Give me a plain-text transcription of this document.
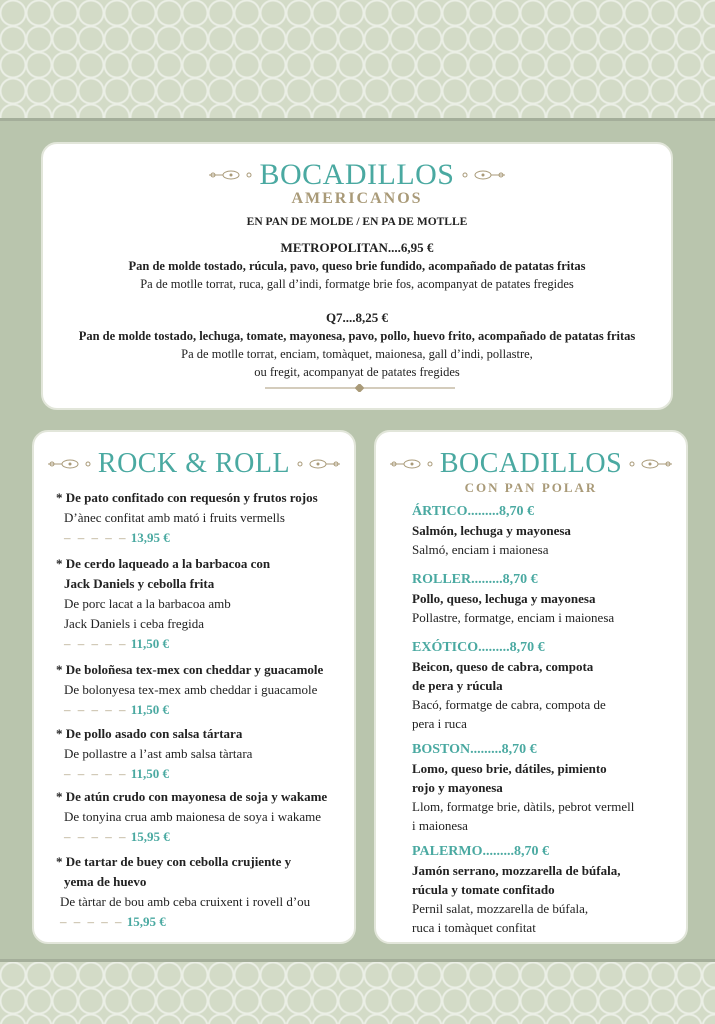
BOCADILLOS
AMERICANOS
EN PAN DE MOLDE / EN PA DE MOTLLE
METROPOLITAN....6,95 €
Pan de molde tostado, rúcula, pavo, queso brie fundido, acompañado de patatas fritas
Pa de motlle torrat, ruca, gall d’indi, formatge brie fos, acompanyat de patates fregides
Q7....8,25 €
Pan de molde tostado, lechuga, tomate, mayonesa, pavo, pollo, huevo frito, acompañado de patatas fritas
Pa de motlle torrat, enciam, tomàquet, maionesa, gall d’indi, pollastre,
ou fregit, acompanyat de patates fregides
ROCK & ROLL
* De pato confitado con requesón y frutos rojos
D’ànec confitat amb mató i fruits vermells
– – – – – 13,95 €
* De cerdo laqueado a la barbacoa con
Jack Daniels y cebolla frita
De porc lacat a la barbacoa amb
Jack Daniels i ceba fregida
– – – – – 11,50 €
* De boloñesa tex-mex con cheddar y guacamole
De bolonyesa tex-mex amb cheddar i guacamole
– – – – – 11,50 €
* De pollo asado con salsa tártara
De pollastre a l’ast amb salsa tàrtara
– – – – – 11,50 €
* De atún crudo con mayonesa de soja y wakame
De tonyina crua amb maionesa de soya i wakame
– – – – – 15,95 €
* De tartar de buey con cebolla crujiente y
yema de huevo
De tàrtar de bou amb ceba cruixent i rovell d’ou
– – – – – 15,95 €
BOCADILLOS
CON PAN POLAR
ÁRTICO.........8,70 €
Salmón, lechuga y mayonesa
Salmó, enciam i maionesa
ROLLER.........8,70 €
Pollo, queso, lechuga y mayonesa
Pollastre, formatge, enciam i maionesa
EXÓTICO.........8,70 €
Beicon, queso de cabra, compota
de pera y rúcula
Bacó, formatge de cabra, compota de
pera i ruca
BOSTON.........8,70 €
Lomo, queso brie, dátiles, pimiento
rojo y mayonesa
Llom, formatge brie, dàtils, pebrot vermell
i maionesa
PALERMO.........8,70 €
Jamón serrano, mozzarella de búfala,
rúcula y tomate confitado
Pernil salat, mozzarella de búfala,
ruca i tomàquet confitat
